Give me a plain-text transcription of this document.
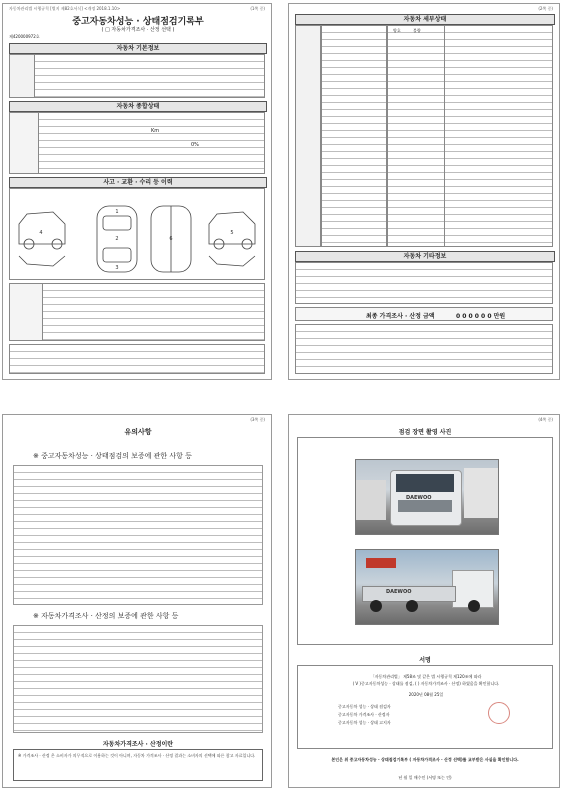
자동차관리법 시행규칙 [별지 제82호서식] <개정 2018.1.10>	(1쪽 중)
중고자동차성능 · 상태점검기록부
( □ 자동차가격조사 · 산정 선택 )
제420000972호
자동차 기본정보
자동차 종합상태
Km
0%
사고 · 교환 · 수리 등 이력
1
2
3
4	5
6
(2쪽 중)
자동차 세부상태
양호	불량
자동차 기타정보
최종 가격조사 · 산정 금액	0 0 0 0 0 0 만원
(3쪽 중)
유의사항
※ 중고자동차성능 · 상태점검의 보증에 관한 사항 등
※ 자동차가격조사 · 산정의 보증에 관한 사항 등
자동차가격조사 · 산정이란
※ 가격조사 · 산정 은 소비자가 의무적으로 이용하는 것이 아니며, 자동차 가격조사 · 산정 결과는 소비자의 선택에 따른 참고 자료입니다.
(4쪽 중)
점검 장면 촬영 사진
DAEWOO
DAEWOO
서명
「자동차관리법」 제58조 및 같은 법 시행규칙 제120조에 따라
( V )중고자동차성능 · 상태를 점검, ( ) 자동차가격조사 · 산정) 하였음을 확인합니다.
2020년 08월 25일
중고자동차 성능 · 상태 점검자
중고자동차 가격조사 · 산정자
중고자동차 성능 · 상태 고지자
본인은 위 중고자동차성능 · 상태점검기록부 ( 자동차가격조사 · 산정 선택)를 교부받은 사실을 확인합니다.
년 월 일 매수인 (서명 또는 인)
